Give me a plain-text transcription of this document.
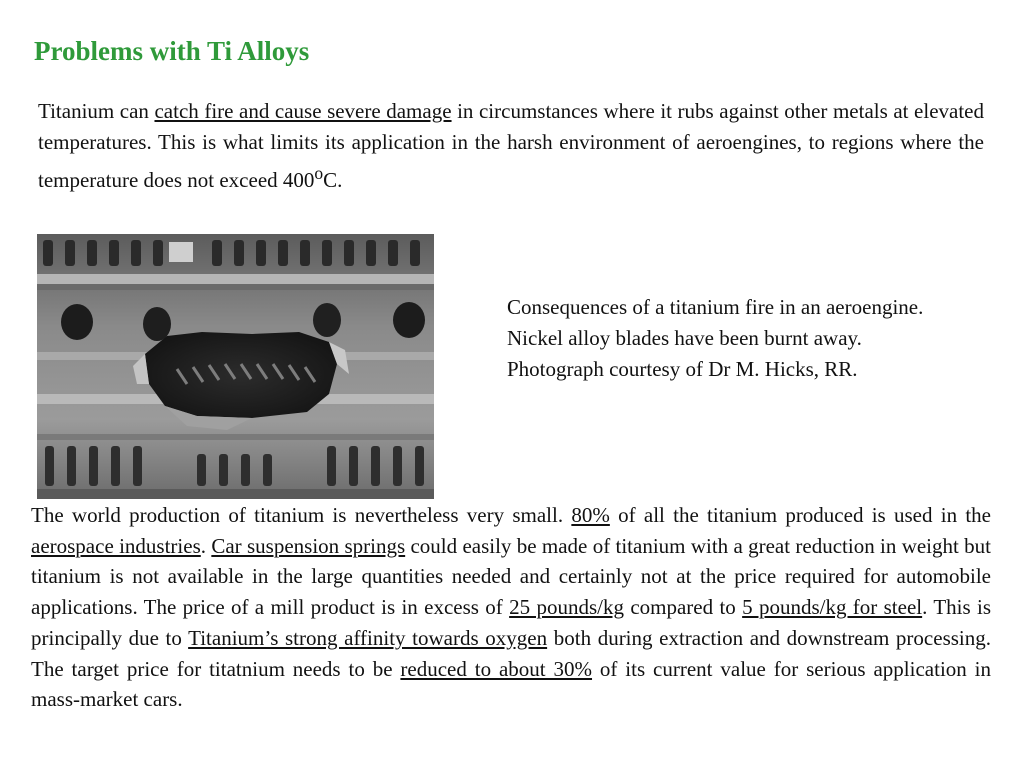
Problems with Ti Alloys

Titanium can catch fire and cause severe damage in circumstances where it rubs against other metals at elevated temperatures. This is what limits its application in the harsh environment of aeroengines, to regions where the temperature does not exceed 400$^o$C.

Consequences of a titanium fire in an aeroengine. Nickel alloy blades have been burnt away. Photograph courtesy of Dr M. Hicks, RR.

The world production of titanium is nevertheless very small. 80% of all the titanium produced is used in the aerospace industries. Car suspension springs could easily be made of titanium with a great reduction in weight but titanium is not available in the large quantities needed and certainly not at the price required for automobile applications. The price of a mill product is in excess of 25 pounds/kg compared to 5 pounds/kg for steel. This is principally due to Titanium’s strong affinity towards oxygen both during extraction and downstream processing. The target price for titatnium needs to be reduced to about 30% of its current value for serious application in mass-market cars.
